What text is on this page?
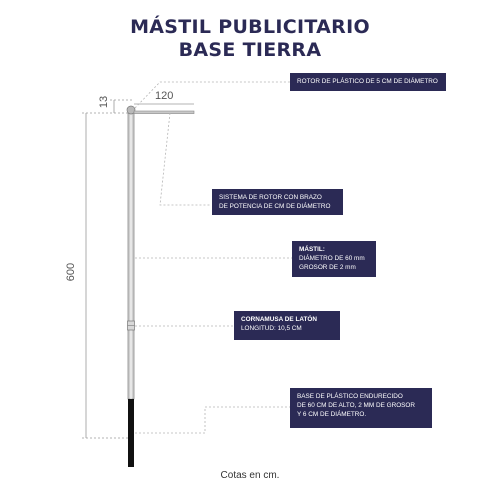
MÁSTIL PUBLICITARIO
BASE TIERRA
13	120
600
ROTOR DE PLÁSTICO DE 5 CM DE DIÁMETRO
SISTEMA DE ROTOR CON BRAZO
DE POTENCIA DE CM DE DIÁMETRO
MÁSTIL:
DIÁMETRO DE 60 mm
GROSOR DE 2 mm
CORNAMUSA DE LATÓN
LONGITUD: 10,5 CM
BASE DE PLÁSTICO ENDURECIDO
DE 60 CM DE ALTO, 2 MM DE GROSOR
Y 6 CM DE DIÁMETRO.
Cotas en cm.
